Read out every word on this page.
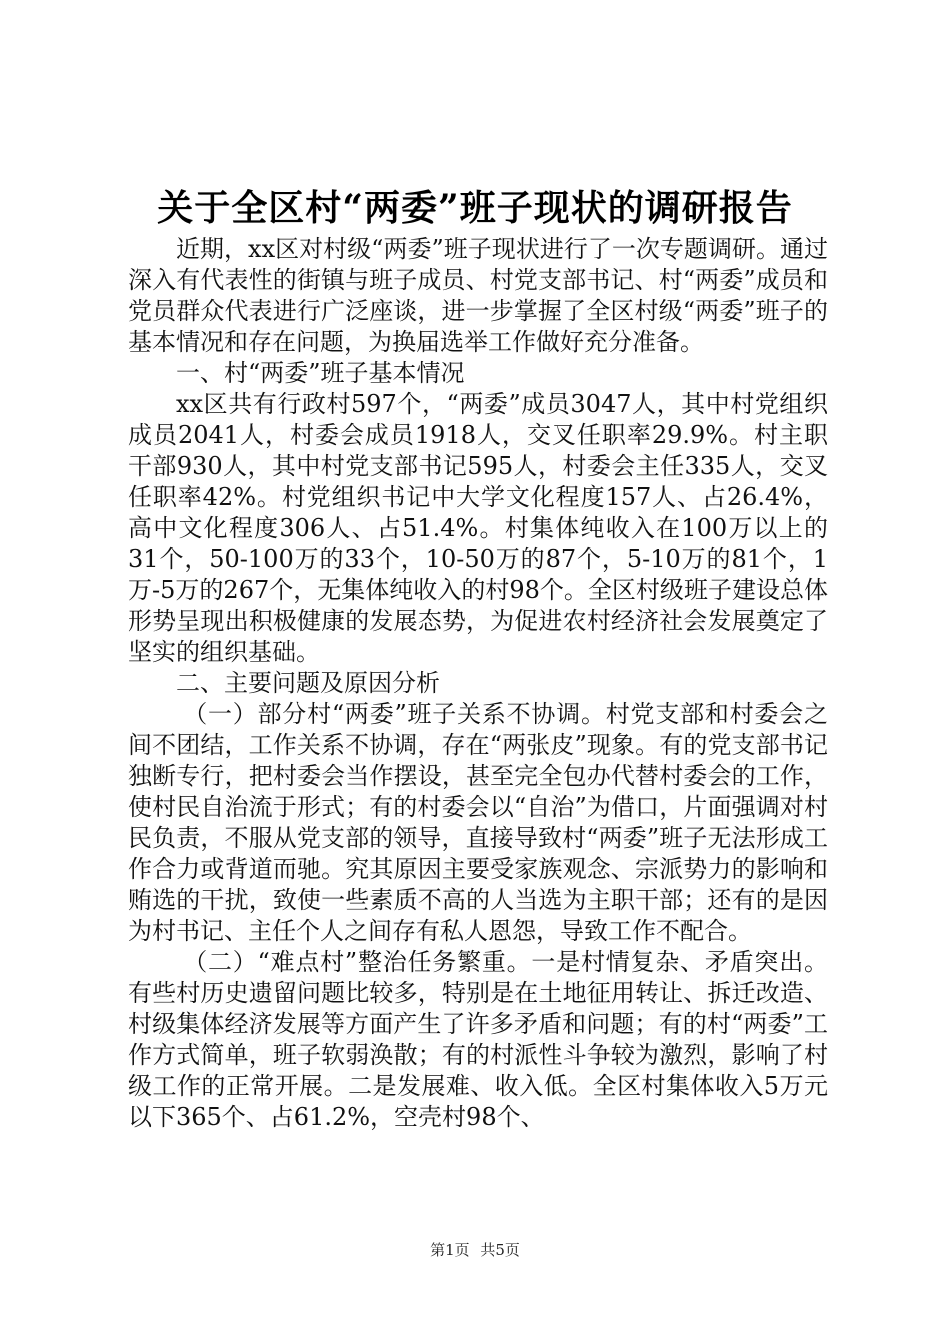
关于全区村“两委”班子现状的调研报告

近期，xx区对村级“两委”班子现状进行了一次专题调研。通过深入有代表性的街镇与班子成员、村党支部书记、村“两委”成员和党员群众代表进行广泛座谈，进一步掌握了全区村级“两委”班子的基本情况和存在问题，为换届选举工作做好充分准备。

一、村“两委”班子基本情况

xx区共有行政村597个，“两委”成员3047人，其中村党组织成员2041人，村委会成员1918人，交叉任职率29.9%。村主职干部930人，其中村党支部书记595人，村委会主任335人，交叉任职率42%。村党组织书记中大学文化程度157人、占26.4%，高中文化程度306人、占51.4%。村集体纯收入在100万以上的31个，50-100万的33个，10-50万的87个，5-10万的81个，1万-5万的267个，无集体纯收入的村98个。全区村级班子建设总体形势呈现出积极健康的发展态势，为促进农村经济社会发展奠定了坚实的组织基础。

二、主要问题及原因分析

（一）部分村“两委”班子关系不协调。村党支部和村委会之间不团结，工作关系不协调，存在“两张皮”现象。有的党支部书记独断专行，把村委会当作摆设，甚至完全包办代替村委会的工作，使村民自治流于形式；有的村委会以“自治”为借口，片面强调对村民负责，不服从党支部的领导，直接导致村“两委”班子无法形成工作合力或背道而驰。究其原因主要受家族观念、宗派势力的影响和贿选的干扰，致使一些素质不高的人当选为主职干部；还有的是因为村书记、主任个人之间存有私人恩怨，导致工作不配合。

（二）“难点村”整治任务繁重。一是村情复杂、矛盾突出。有些村历史遗留问题比较多，特别是在土地征用转让、拆迁改造、村级集体经济发展等方面产生了许多矛盾和问题；有的村“两委”工作方式简单，班子软弱涣散；有的村派性斗争较为激烈，影响了村级工作的正常开展。二是发展难、收入低。全区村集体收入5万元以下365个、占61.2%，空壳村98个、

第1页 共5页
